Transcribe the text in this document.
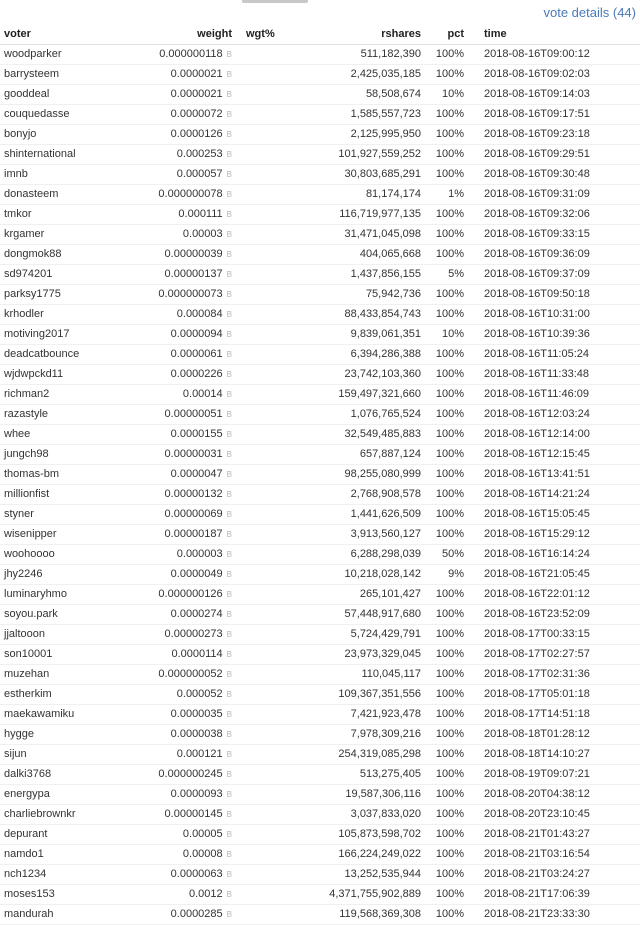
vote details (44)
voter	weight	wgt%	rshares	pct	time
woodparker	0.000000118 B		511,182,390	100%	2018-08-16T09:00:12
barrysteem	0.0000021 B		2,425,035,185	100%	2018-08-16T09:02:03
gooddeal	0.0000021 B		58,508,674	10%	2018-08-16T09:14:03
couquedasse	0.0000072 B		1,585,557,723	100%	2018-08-16T09:17:51
bonyjo	0.0000126 B		2,125,995,950	100%	2018-08-16T09:23:18
shinternational	0.000253 B		101,927,559,252	100%	2018-08-16T09:29:51
imnb	0.000057 B		30,803,685,291	100%	2018-08-16T09:30:48
donasteem	0.000000078 B		81,174,174	1%	2018-08-16T09:31:09
tmkor	0.000111 B		116,719,977,135	100%	2018-08-16T09:32:06
krgamer	0.00003 B		31,471,045,098	100%	2018-08-16T09:33:15
dongmok88	0.00000039 B		404,065,668	100%	2018-08-16T09:36:09
sd974201	0.00000137 B		1,437,856,155	5%	2018-08-16T09:37:09
parksy1775	0.000000073 B		75,942,736	100%	2018-08-16T09:50:18
krhodler	0.000084 B		88,433,854,743	100%	2018-08-16T10:31:00
motiving2017	0.0000094 B		9,839,061,351	10%	2018-08-16T10:39:36
deadcatbounce	0.0000061 B		6,394,286,388	100%	2018-08-16T11:05:24
wjdwpckd11	0.0000226 B		23,742,103,360	100%	2018-08-16T11:33:48
richman2	0.00014 B		159,497,321,660	100%	2018-08-16T11:46:09
razastyle	0.00000051 B		1,076,765,524	100%	2018-08-16T12:03:24
whee	0.0000155 B		32,549,485,883	100%	2018-08-16T12:14:00
jungch98	0.00000031 B		657,887,124	100%	2018-08-16T12:15:45
thomas-bm	0.0000047 B		98,255,080,999	100%	2018-08-16T13:41:51
millionfist	0.00000132 B		2,768,908,578	100%	2018-08-16T14:21:24
styner	0.00000069 B		1,441,626,509	100%	2018-08-16T15:05:45
wisenipper	0.00000187 B		3,913,560,127	100%	2018-08-16T15:29:12
woohoooo	0.000003 B		6,288,298,039	50%	2018-08-16T16:14:24
jhy2246	0.0000049 B		10,218,028,142	9%	2018-08-16T21:05:45
luminaryhmo	0.000000126 B		265,101,427	100%	2018-08-16T22:01:12
soyou.park	0.0000274 B		57,448,917,680	100%	2018-08-16T23:52:09
jjaltooon	0.00000273 B		5,724,429,791	100%	2018-08-17T00:33:15
son10001	0.0000114 B		23,973,329,045	100%	2018-08-17T02:27:57
muzehan	0.000000052 B		110,045,117	100%	2018-08-17T02:31:36
estherkim	0.000052 B		109,367,351,556	100%	2018-08-17T05:01:18
maekawamiku	0.0000035 B		7,421,923,478	100%	2018-08-17T14:51:18
hygge	0.0000038 B		7,978,309,216	100%	2018-08-18T01:28:12
sijun	0.000121 B		254,319,085,298	100%	2018-08-18T14:10:27
dalki3768	0.000000245 B		513,275,405	100%	2018-08-19T09:07:21
energypa	0.0000093 B		19,587,306,116	100%	2018-08-20T04:38:12
charliebrownkr	0.00000145 B		3,037,833,020	100%	2018-08-20T23:10:45
depurant	0.00005 B		105,873,598,702	100%	2018-08-21T01:43:27
namdo1	0.00008 B		166,224,249,022	100%	2018-08-21T03:16:54
nch1234	0.0000063 B		13,252,535,944	100%	2018-08-21T03:24:27
moses153	0.0012 B		4,371,755,902,889	100%	2018-08-21T17:06:39
mandurah	0.0000285 B		119,568,369,308	100%	2018-08-21T23:33:30
